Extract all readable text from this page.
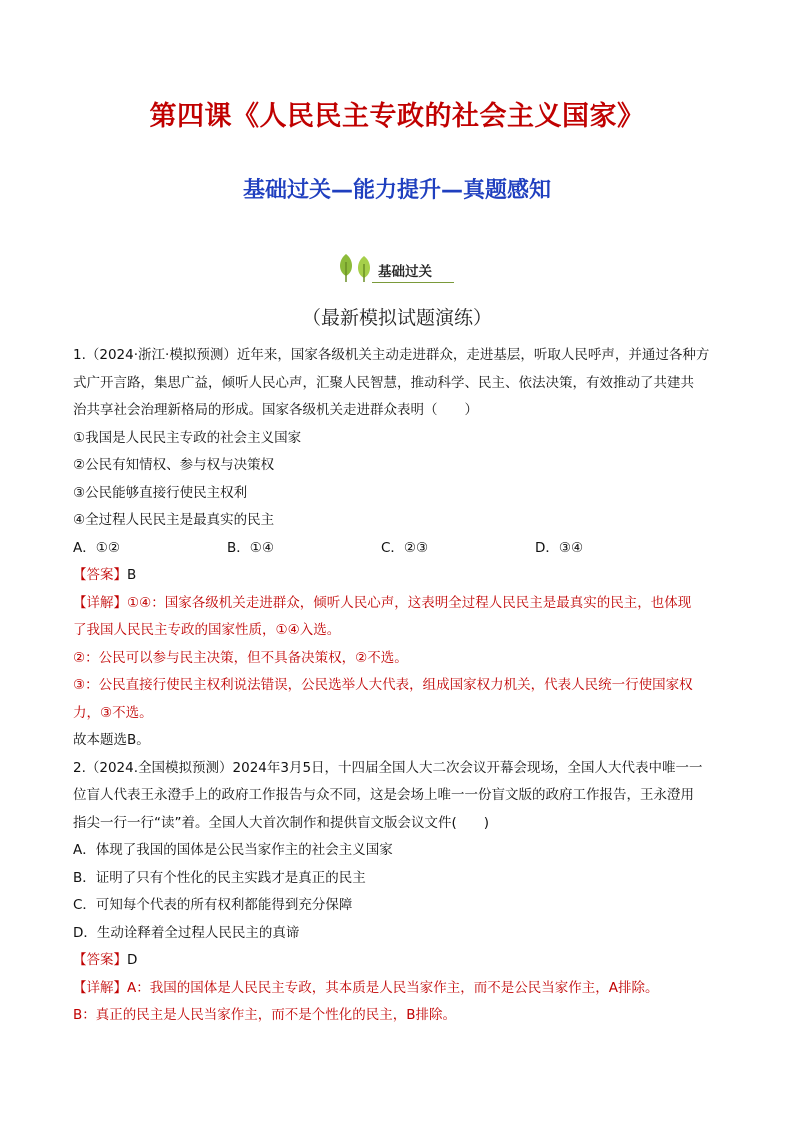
第四课《人民民主专政的社会主义国家》
基础过关—能力提升—真题感知
基础过关
（最新模拟试题演练）

1.（2024·浙江·模拟预测）近年来，国家各级机关主动走进群众，走进基层，听取人民呼声，并通过各种方

式广开言路，集思广益，倾听人民心声，汇聚人民智慧，推动科学、民主、依法决策，有效推动了共建共

治共享社会治理新格局的形成。国家各级机关走进群众表明（　　）

①我国是人民民主专政的社会主义国家

②公民有知情权、参与权与决策权

③公民能够直接行使民主权利

④全过程人民民主是最真实的民主

A．①②	B．①④	C．②③	D．③④

【答案】B

【详解】①④：国家各级机关走进群众，倾听人民心声，这表明全过程人民民主是最真实的民主，也体现

了我国人民民主专政的国家性质，①④入选。

②：公民可以参与民主决策，但不具备决策权，②不选。

③：公民直接行使民主权利说法错误，公民选举人大代表，组成国家权力机关，代表人民统一行使国家权

力，③不选。

故本题选B。

2.（2024.全国模拟预测）2024年3月5日，十四届全国人大二次会议开幕会现场，全国人大代表中唯一一

位盲人代表王永澄手上的政府工作报告与众不同，这是会场上唯一一份盲文版的政府工作报告，王永澄用

指尖一行一行“读”着。全国人大首次制作和提供盲文版会议文件(　　)

A．体现了我国的国体是公民当家作主的社会主义国家

B．证明了只有个性化的民主实践才是真正的民主

C．可知每个代表的所有权利都能得到充分保障

D．生动诠释着全过程人民民主的真谛

【答案】D

【详解】A：我国的国体是人民民主专政，其本质是人民当家作主，而不是公民当家作主，A排除。

B：真正的民主是人民当家作主，而不是个性化的民主，B排除。
